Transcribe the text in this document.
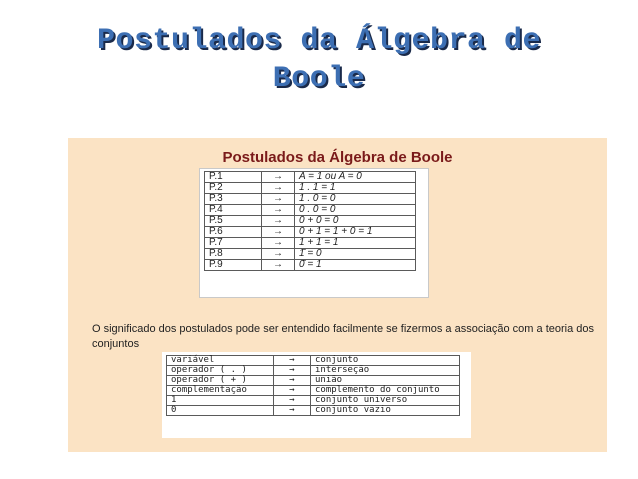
Postulados da Álgebra de
Boole
Postulados da Álgebra de Boole
P.1	→	A = 1 ou A = 0
P.2	→	1 . 1 = 1
P.3	→	1 . 0 = 0
P.4	→	0 . 0 = 0
P.5	→	0 + 0 = 0
P.6	→	0 + 1 = 1 + 0 = 1
P.7	→	1 + 1 = 1
P.8	→	1̄ = 0
P.9	→	0̄ = 1
O significado dos postulados pode ser entendido facilmente se fizermos a associação com a teoria dos conjuntos
variável	→	conjunto
operador ( . )	→	interseção
operador ( + )	→	união
complementação	→	complemento do conjunto
1	→	conjunto universo
0	→	conjunto vazio
